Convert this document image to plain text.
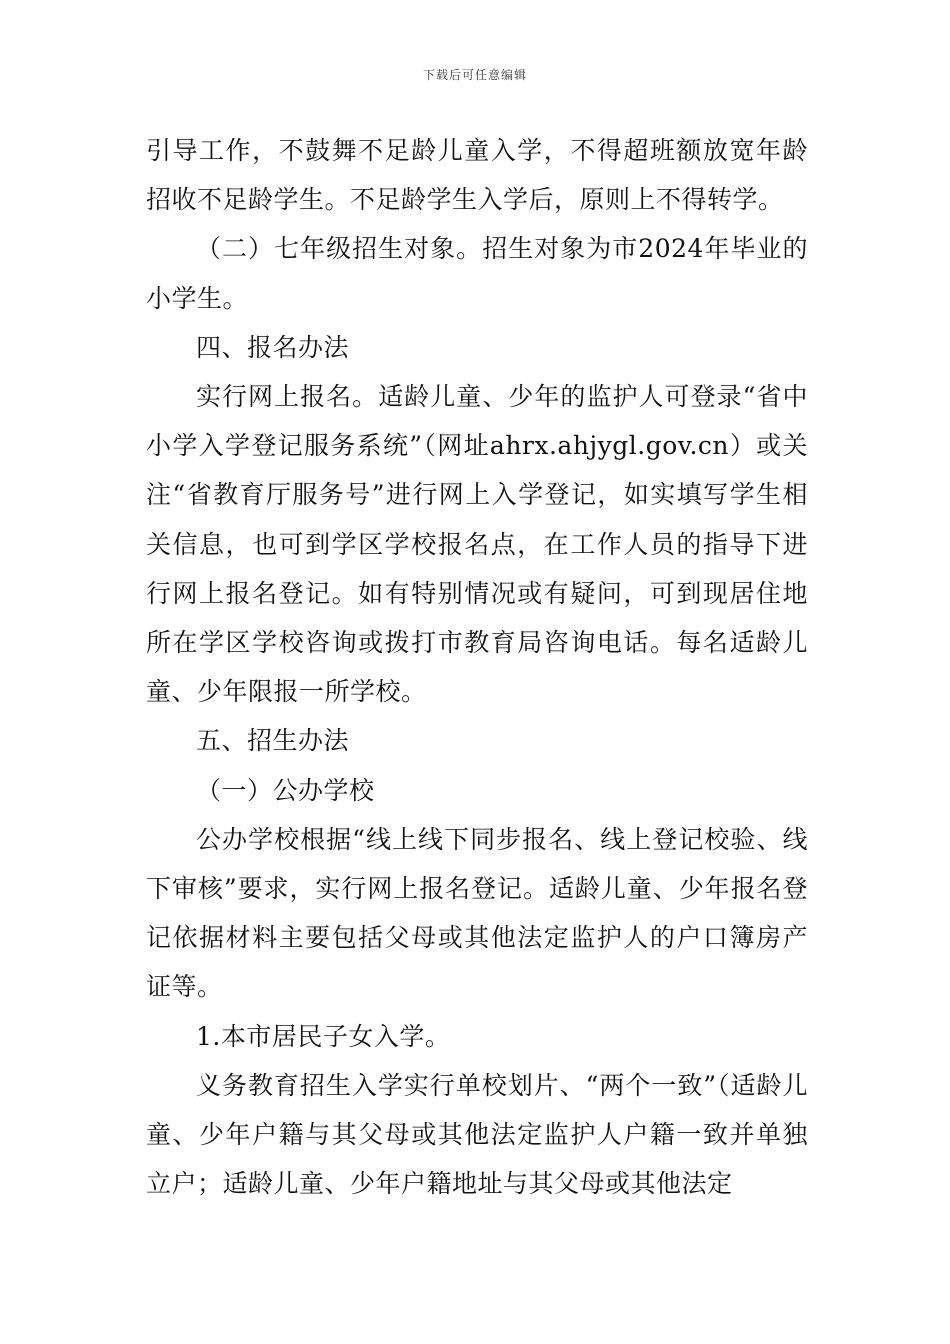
下载后可任意编辑

引导工作，不鼓舞不足龄儿童入学，不得超班额放宽年龄招收不足龄学生。不足龄学生入学后，原则上不得转学。

（二）七年级招生对象。招生对象为市2024年毕业的小学生。

四、报名办法

实行网上报名。适龄儿童、少年的监护人可登录“省中小学入学登记服务系统”（网址ahrx.ahjygl.gov.cn）或关注“省教育厅服务号”进行网上入学登记，如实填写学生相关信息，也可到学区学校报名点，在工作人员的指导下进行网上报名登记。如有特别情况或有疑问，可到现居住地所在学区学校咨询或拨打市教育局咨询电话。每名适龄儿童、少年限报一所学校。

五、招生办法

（一）公办学校

公办学校根据“线上线下同步报名、线上登记校验、线下审核”要求，实行网上报名登记。适龄儿童、少年报名登记依据材料主要包括父母或其他法定监护人的户口簿房产证等。

1.本市居民子女入学。

义务教育招生入学实行单校划片、“两个一致”（适龄儿童、少年户籍与其父母或其他法定监护人户籍一致并单独立户；适龄儿童、少年户籍地址与其父母或其他法定
